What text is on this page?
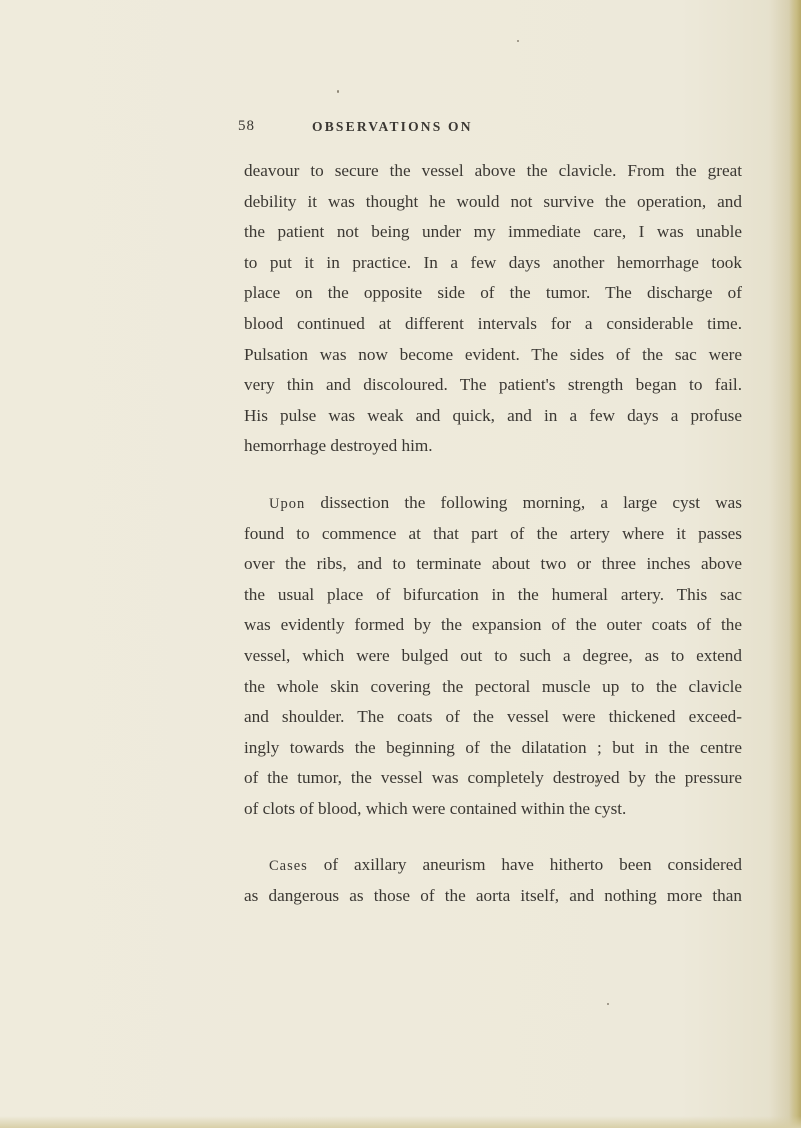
58	OBSERVATIONS ON
deavour to secure the vessel above the clavicle. From the great
debility it was thought he would not survive the operation, and
the patient not being under my immediate care, I was unable
to put it in practice. In a few days another hemorrhage took
place on the opposite side of the tumor. The discharge of
blood continued at different intervals for a considerable time.
Pulsation was now become evident. The sides of the sac were
very thin and discoloured. The patient's strength began to fail.
His pulse was weak and quick, and in a few days a profuse
hemorrhage destroyed him.
Upon dissection the following morning, a large cyst was
found to commence at that part of the artery where it passes
over the ribs, and to terminate about two or three inches above
the usual place of bifurcation in the humeral artery. This sac
was evidently formed by the expansion of the outer coats of the
vessel, which were bulged out to such a degree, as to extend
the whole skin covering the pectoral muscle up to the clavicle
and shoulder. The coats of the vessel were thickened exceed-
ingly towards the beginning of the dilatation ; but in the centre
of the tumor, the vessel was completely destroyed by the pressure
of clots of blood, which were contained within the cyst.
Cases of axillary aneurism have hitherto been considered
as dangerous as those of the aorta itself, and nothing more than
